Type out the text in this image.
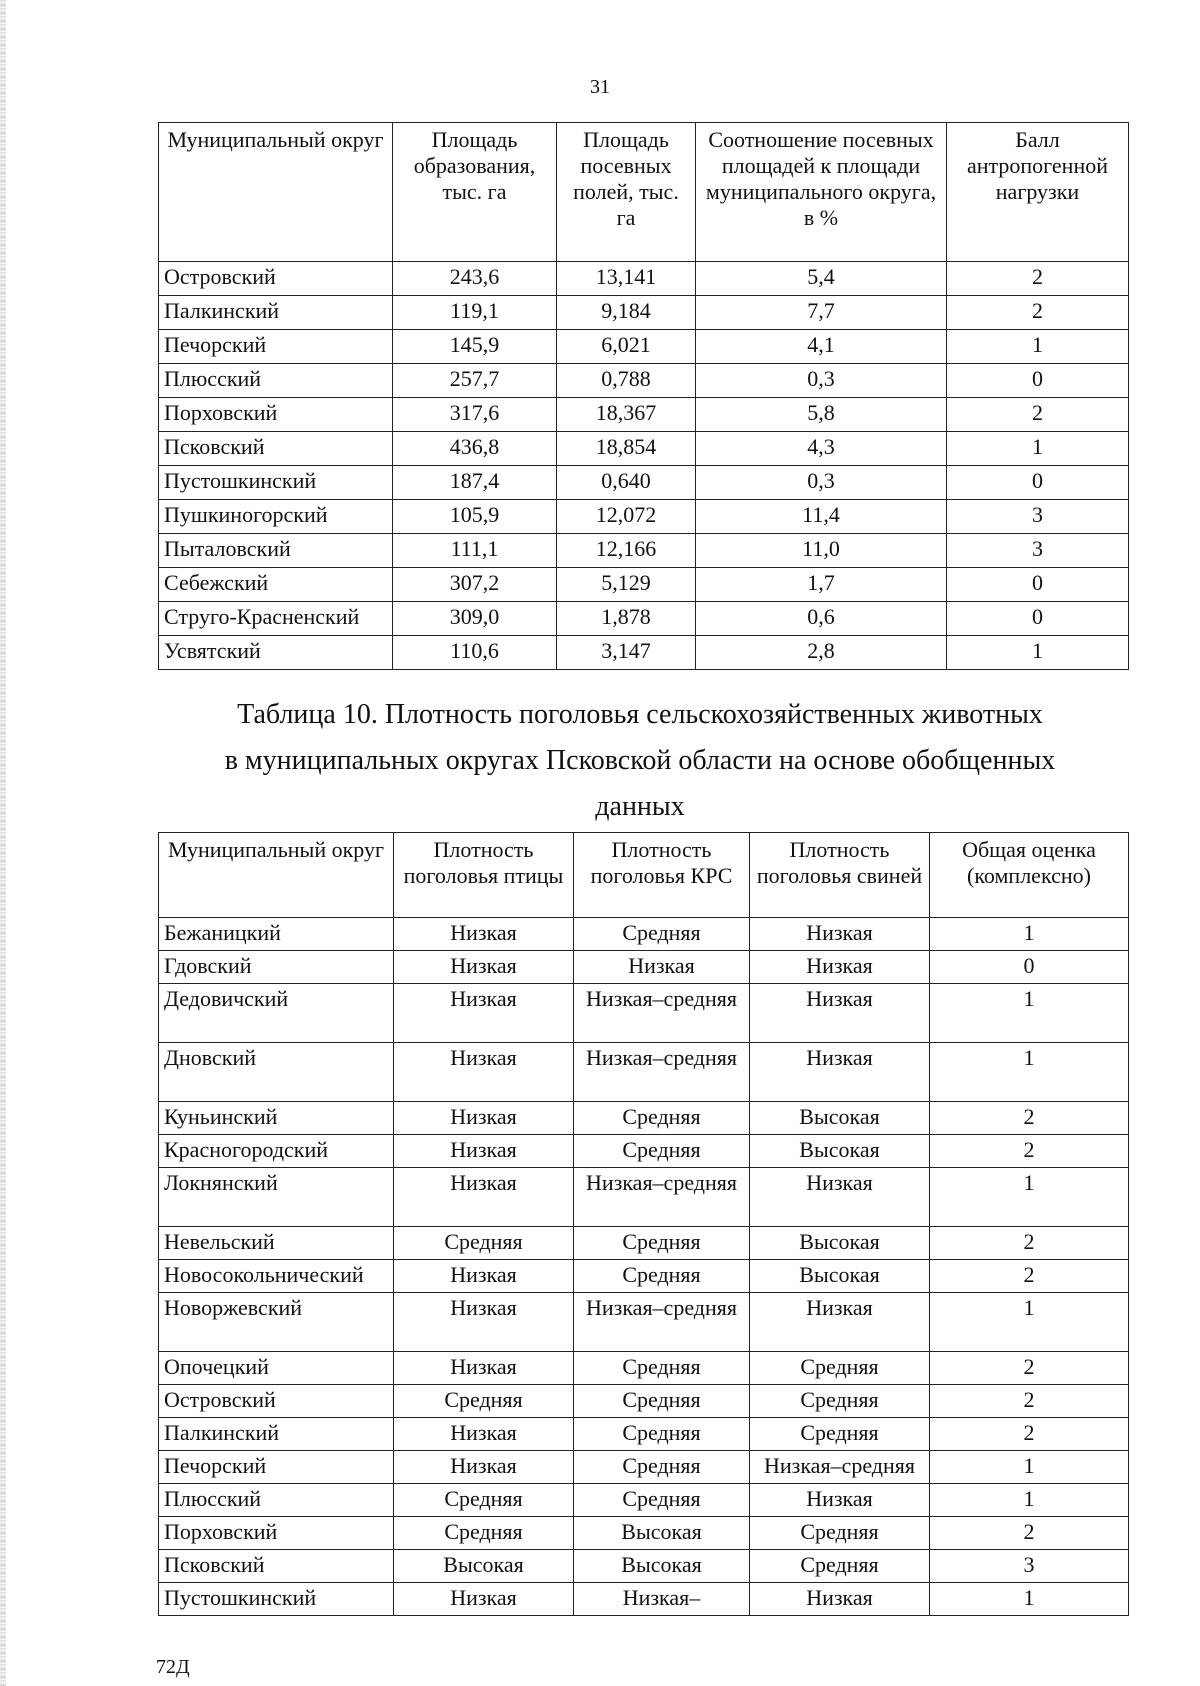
31
Муниципальный округ	Площадь образования, тыс. га	Площадь посевных полей, тыс. га	Соотношение посевных площадей к площади муниципального округа, в %	Балл антропогенной нагрузки
Островский	243,6	13,141	5,4	2
Палкинский	119,1	9,184	7,7	2
Печорский	145,9	6,021	4,1	1
Плюсский	257,7	0,788	0,3	0
Порховский	317,6	18,367	5,8	2
Псковский	436,8	18,854	4,3	1
Пустошкинский	187,4	0,640	0,3	0
Пушкиногорский	105,9	12,072	11,4	3
Пыталовский	111,1	12,166	11,0	3
Себежский	307,2	5,129	1,7	0
Струго-Красненский	309,0	1,878	0,6	0
Усвятский	110,6	3,147	2,8	1
Таблица 10. Плотность поголовья сельскохозяйственных животных
в муниципальных округах Псковской области на основе обобщенных
данных
Муниципальный округ	Плотность поголовья птицы	Плотность поголовья КРС	Плотность поголовья свиней	Общая оценка (комплексно)
Бежаницкий	Низкая	Средняя	Низкая	1
Гдовский	Низкая	Низкая	Низкая	0
Дедовичский	Низкая	Низкая–средняя	Низкая	1
Дновский	Низкая	Низкая–средняя	Низкая	1
Куньинский	Низкая	Средняя	Высокая	2
Красногородский	Низкая	Средняя	Высокая	2
Локнянский	Низкая	Низкая–средняя	Низкая	1
Невельский	Средняя	Средняя	Высокая	2
Новосокольнический	Низкая	Средняя	Высокая	2
Новоржевский	Низкая	Низкая–средняя	Низкая	1
Опочецкий	Низкая	Средняя	Средняя	2
Островский	Средняя	Средняя	Средняя	2
Палкинский	Низкая	Средняя	Средняя	2
Печорский	Низкая	Средняя	Низкая–средняя	1
Плюсский	Средняя	Средняя	Низкая	1
Порховский	Средняя	Высокая	Средняя	2
Псковский	Высокая	Высокая	Средняя	3
Пустошкинский	Низкая	Низкая–	Низкая	1
72Д
